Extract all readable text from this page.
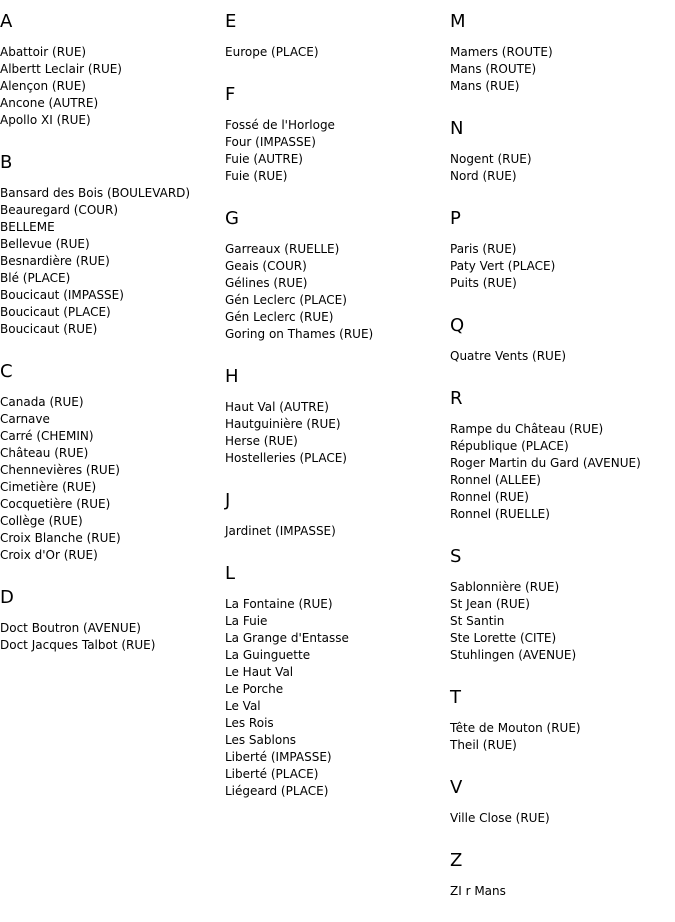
A
Abattoir (RUE)
Albertt Leclair (RUE)
Alençon (RUE)
Ancone (AUTRE)
Apollo XI (RUE)
B
Bansard des Bois (BOULEVARD)
Beauregard (COUR)
BELLEME
Bellevue (RUE)
Besnardière (RUE)
Blé (PLACE)
Boucicaut (IMPASSE)
Boucicaut (PLACE)
Boucicaut (RUE)
C
Canada (RUE)
Carnave
Carré (CHEMIN)
Château (RUE)
Chennevières (RUE)
Cimetière (RUE)
Cocquetière (RUE)
Collège (RUE)
Croix Blanche (RUE)
Croix d'Or (RUE)
D
Doct Boutron (AVENUE)
Doct Jacques Talbot (RUE)
E
Europe (PLACE)
F
Fossé de l'Horloge
Four (IMPASSE)
Fuie (AUTRE)
Fuie (RUE)
G
Garreaux (RUELLE)
Geais (COUR)
Gélines (RUE)
Gén Leclerc (PLACE)
Gén Leclerc (RUE)
Goring on Thames (RUE)
H
Haut Val (AUTRE)
Hautguinière (RUE)
Herse (RUE)
Hostelleries (PLACE)
J
Jardinet (IMPASSE)
L
La Fontaine (RUE)
La Fuie
La Grange d'Entasse
La Guinguette
Le Haut Val
Le Porche
Le Val
Les Rois
Les Sablons
Liberté (IMPASSE)
Liberté (PLACE)
Liégeard (PLACE)
M
Mamers (ROUTE)
Mans (ROUTE)
Mans (RUE)
N
Nogent (RUE)
Nord (RUE)
P
Paris (RUE)
Paty Vert (PLACE)
Puits (RUE)
Q
Quatre Vents (RUE)
R
Rampe du Château (RUE)
République (PLACE)
Roger Martin du Gard (AVENUE)
Ronnel (ALLEE)
Ronnel (RUE)
Ronnel (RUELLE)
S
Sablonnière (RUE)
St Jean (RUE)
St Santin
Ste Lorette (CITE)
Stuhlingen (AVENUE)
T
Tête de Mouton (RUE)
Theil (RUE)
V
Ville Close (RUE)
Z
ZI r Mans
